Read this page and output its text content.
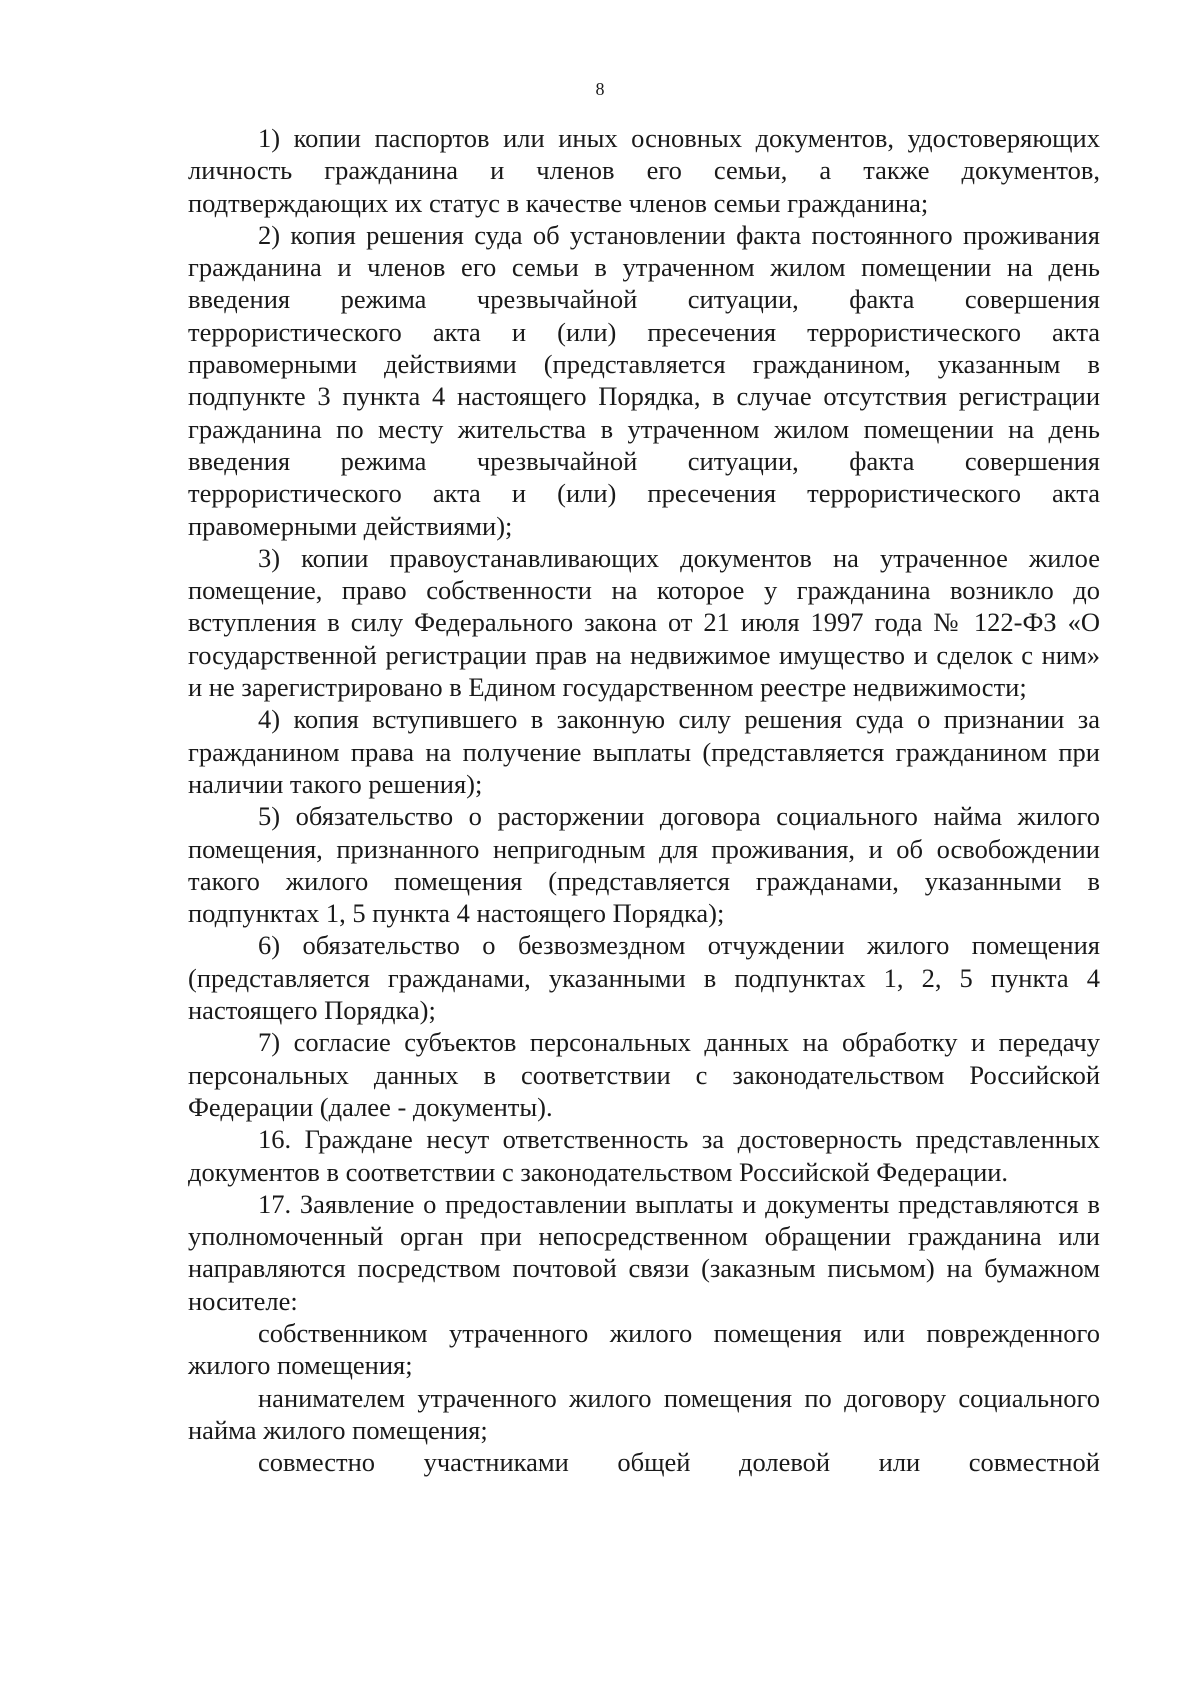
8

1) копии паспортов или иных основных документов, удостоверяющих личность гражданина и членов его семьи, а также документов, подтверждающих их статус в качестве членов семьи гражданина;

2) копия решения суда об установлении факта постоянного проживания гражданина и членов его семьи в утраченном жилом помещении на день введения режима чрезвычайной ситуации, факта совершения террористического акта и (или) пресечения террористического акта правомерными действиями (представляется гражданином, указанным в подпункте 3 пункта 4 настоящего Порядка, в случае отсутствия регистрации гражданина по месту жительства в утраченном жилом помещении на день введения режима чрезвычайной ситуации, факта совершения террористического акта и (или) пресечения террористического акта правомерными действиями);

3) копии правоустанавливающих документов на утраченное жилое помещение, право собственности на которое у гражданина возникло до вступления в силу Федерального закона от 21 июля 1997 года № 122-ФЗ «О государственной регистрации прав на недвижимое имущество и сделок с ним» и не зарегистрировано в Едином государственном реестре недвижимости;

4) копия вступившего в законную силу решения суда о признании за гражданином права на получение выплаты (представляется гражданином при наличии такого решения);

5) обязательство о расторжении договора социального найма жилого помещения, признанного непригодным для проживания, и об освобождении такого жилого помещения (представляется гражданами, указанными в подпунктах 1, 5 пункта 4 настоящего Порядка);

6) обязательство о безвозмездном отчуждении жилого помещения (представляется гражданами, указанными в подпунктах 1, 2, 5 пункта 4 настоящего Порядка);

7) согласие субъектов персональных данных на обработку и передачу персональных данных в соответствии с законодательством Российской Федерации (далее - документы).

16. Граждане несут ответственность за достоверность представленных документов в соответствии с законодательством Российской Федерации.

17. Заявление о предоставлении выплаты и документы представляются в уполномоченный орган при непосредственном обращении гражданина или направляются посредством почтовой связи (заказным письмом) на бумажном носителе:

собственником утраченного жилого помещения или поврежденного жилого помещения;

нанимателем утраченного жилого помещения по договору социального найма жилого помещения;

совместно участниками общей долевой или совместной
